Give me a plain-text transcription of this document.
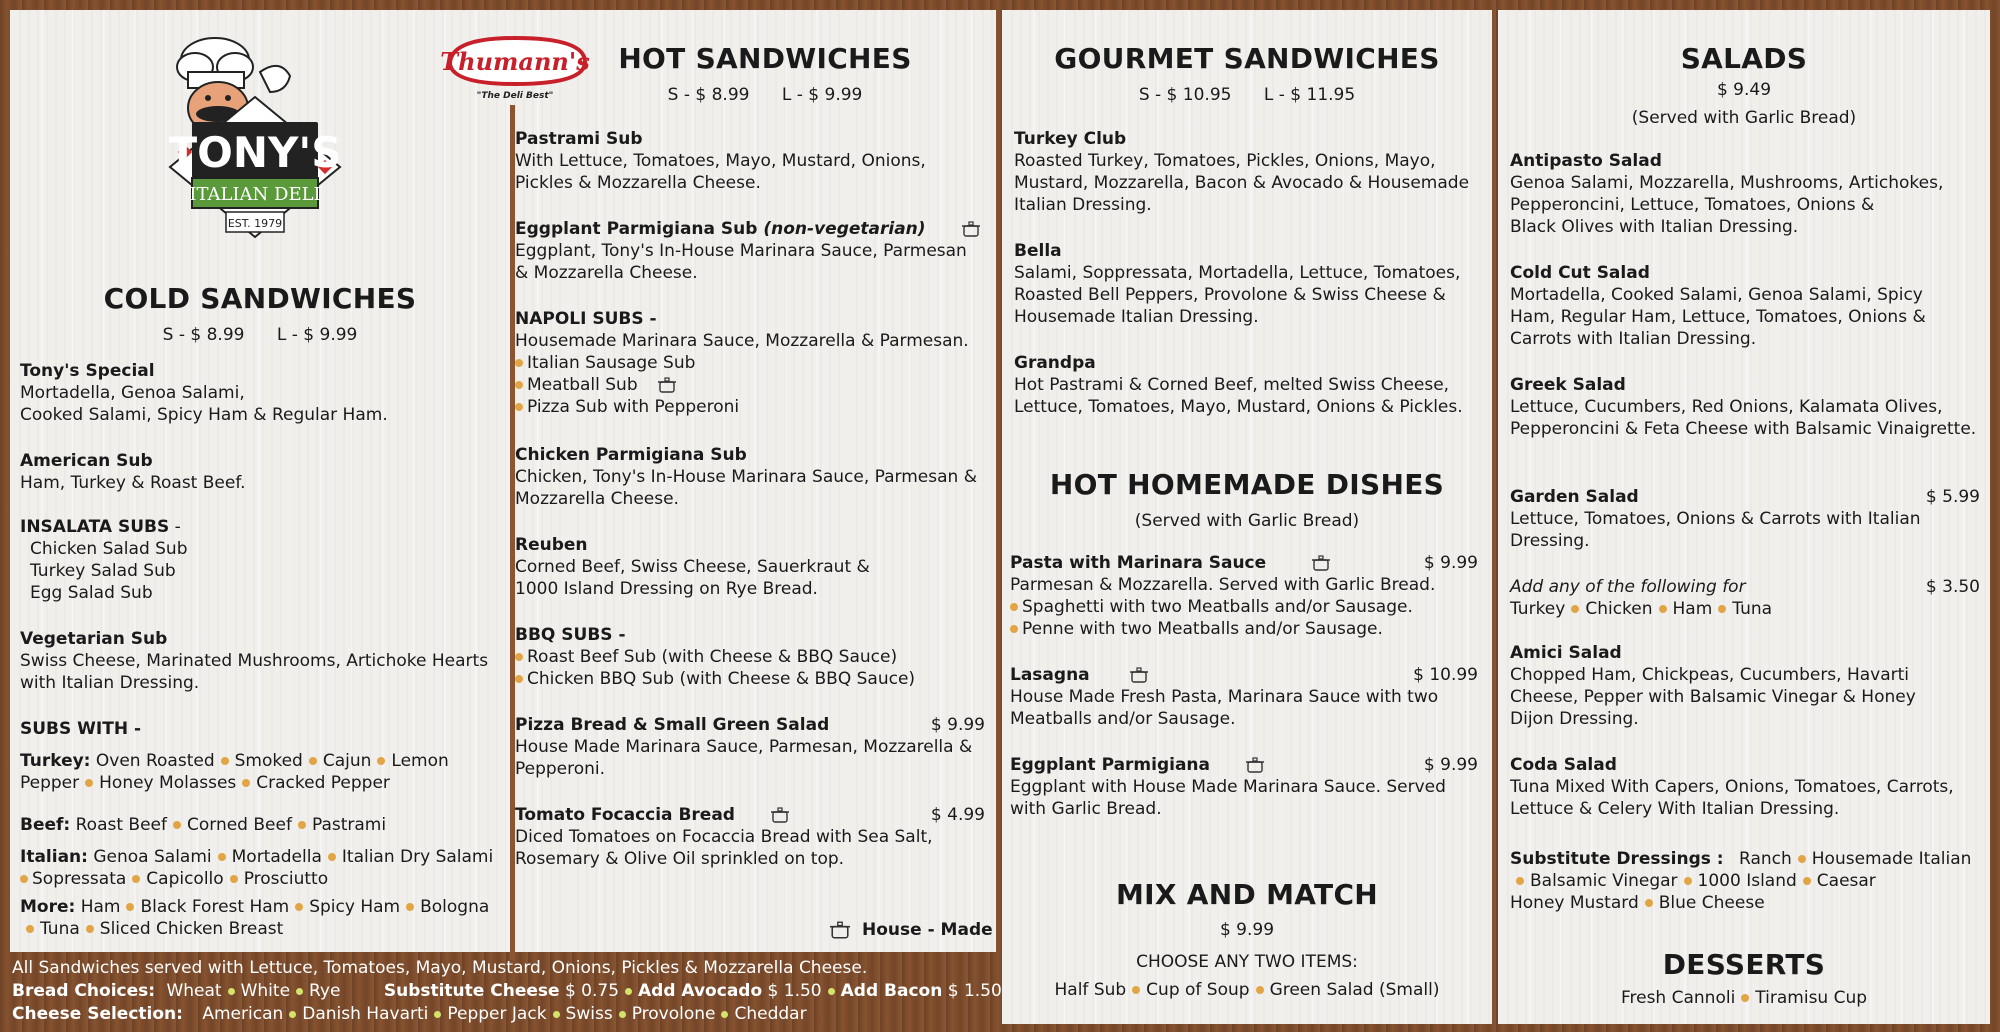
TONY'S
ITALIAN DELI
EST. 1979
Thumann's
"The Deli Best"
COLD SANDWICHES
S - $ 8.99      L - $ 9.99
Tony's Special
Mortadella, Genoa Salami,
Cooked Salami, Spicy Ham & Regular Ham.
American Sub
Ham, Turkey & Roast Beef.
INSALATA SUBS -
Chicken Salad Sub
Turkey Salad Sub
Egg Salad Sub
Vegetarian Sub
Swiss Cheese, Marinated Mushrooms, Artichoke Hearts with Italian Dressing.
SUBS WITH -
Turkey: Oven Roasted Smoked Cajun Lemon Pepper Honey Molasses Cracked Pepper
Beef: Roast Beef Corned Beef Pastrami
Italian: Genoa Salami Mortadella Italian Dry SalamiSopressata Capicollo Prosciutto
More: Ham Black Forest Ham Spicy Ham BolognaTuna Sliced Chicken Breast
HOT SANDWICHES
S - $ 8.99      L - $ 9.99
Pastrami Sub
With Lettuce, Tomatoes, Mayo, Mustard, Onions, Pickles & Mozzarella Cheese.
Eggplant Parmigiana Sub (non-vegetarian)
Eggplant, Tony's In-House Marinara Sauce, Parmesan & Mozzarella Cheese.
NAPOLI SUBS -
Housemade Marinara Sauce, Mozzarella & Parmesan.
Italian Sausage Sub
Meatball Sub
Pizza Sub with Pepperoni
Chicken Parmigiana Sub
Chicken, Tony's In-House Marinara Sauce, Parmesan & Mozzarella Cheese.
Reuben
Corned Beef, Swiss Cheese, Sauerkraut &
1000 Island Dressing on Rye Bread.
BBQ SUBS -
Roast Beef Sub (with Cheese & BBQ Sauce)
Chicken BBQ Sub (with Cheese & BBQ Sauce)
Pizza Bread & Small Green Salad	$ 9.99
House Made Marinara Sauce, Parmesan, Mozzarella & Pepperoni.
Tomato Focaccia Bread	$ 4.99
Diced Tomatoes on Focaccia Bread with Sea Salt, Rosemary & Olive Oil sprinkled on top.
House - Made
All Sandwiches served with Lettuce, Tomatoes, Mayo, Mustard, Onions, Pickles & Mozzarella Cheese.
Bread Choices: Wheat White Rye	Substitute Cheese $ 0.75 Add Avocado $ 1.50 Add Bacon $ 1.50
Cheese Selection: American Danish Havarti Pepper Jack Swiss Provolone Cheddar
GOURMET SANDWICHES
S - $ 10.95      L - $ 11.95
Turkey Club
Roasted Turkey, Tomatoes, Pickles, Onions, Mayo, Mustard, Mozzarella, Bacon & Avocado & Housemade Italian Dressing.
Bella
Salami, Soppressata, Mortadella, Lettuce, Tomatoes, Roasted Bell Peppers, Provolone & Swiss Cheese & Housemade Italian Dressing.
Grandpa
Hot Pastrami & Corned Beef, melted Swiss Cheese, Lettuce, Tomatoes, Mayo, Mustard, Onions & Pickles.
HOT HOMEMADE DISHES
(Served with Garlic Bread)
Pasta with Marinara Sauce	$ 9.99
Parmesan & Mozzarella. Served with Garlic Bread.
Spaghetti with two Meatballs and/or Sausage.
Penne with two Meatballs and/or Sausage.
Lasagna	$ 10.99
House Made Fresh Pasta, Marinara Sauce with two Meatballs and/or Sausage.
Eggplant Parmigiana	$ 9.99
Eggplant with House Made Marinara Sauce. Served with Garlic Bread.
MIX AND MATCH
$ 9.99
CHOOSE ANY TWO ITEMS:
Half Sub Cup of Soup Green Salad (Small)
SALADS
$ 9.49
(Served with Garlic Bread)
Antipasto Salad
Genoa Salami, Mozzarella, Mushrooms, Artichokes,
Pepperoncini, Lettuce, Tomatoes, Onions &
Black Olives with Italian Dressing.
Cold Cut Salad
Mortadella, Cooked Salami, Genoa Salami, Spicy Ham, Regular Ham, Lettuce, Tomatoes, Onions & Carrots with Italian Dressing.
Greek Salad
Lettuce, Cucumbers, Red Onions, Kalamata Olives, Pepperoncini & Feta Cheese with Balsamic Vinaigrette.
Garden Salad	$ 5.99
Lettuce, Tomatoes, Onions & Carrots with Italian Dressing.
Add any of the following for	$ 3.50
Turkey Chicken Ham Tuna
Amici Salad
Chopped Ham, Chickpeas, Cucumbers, Havarti Cheese, Pepper with Balsamic Vinegar & Honey Dijon Dressing.
Coda Salad
Tuna Mixed With Capers, Onions, Tomatoes, Carrots, Lettuce & Celery With Italian Dressing.
Substitute Dressings : Ranch Housemade ItalianBalsamic Vinegar 1000 Island Caesar
Honey Mustard Blue Cheese
DESSERTS
Fresh Cannoli Tiramisu Cup
